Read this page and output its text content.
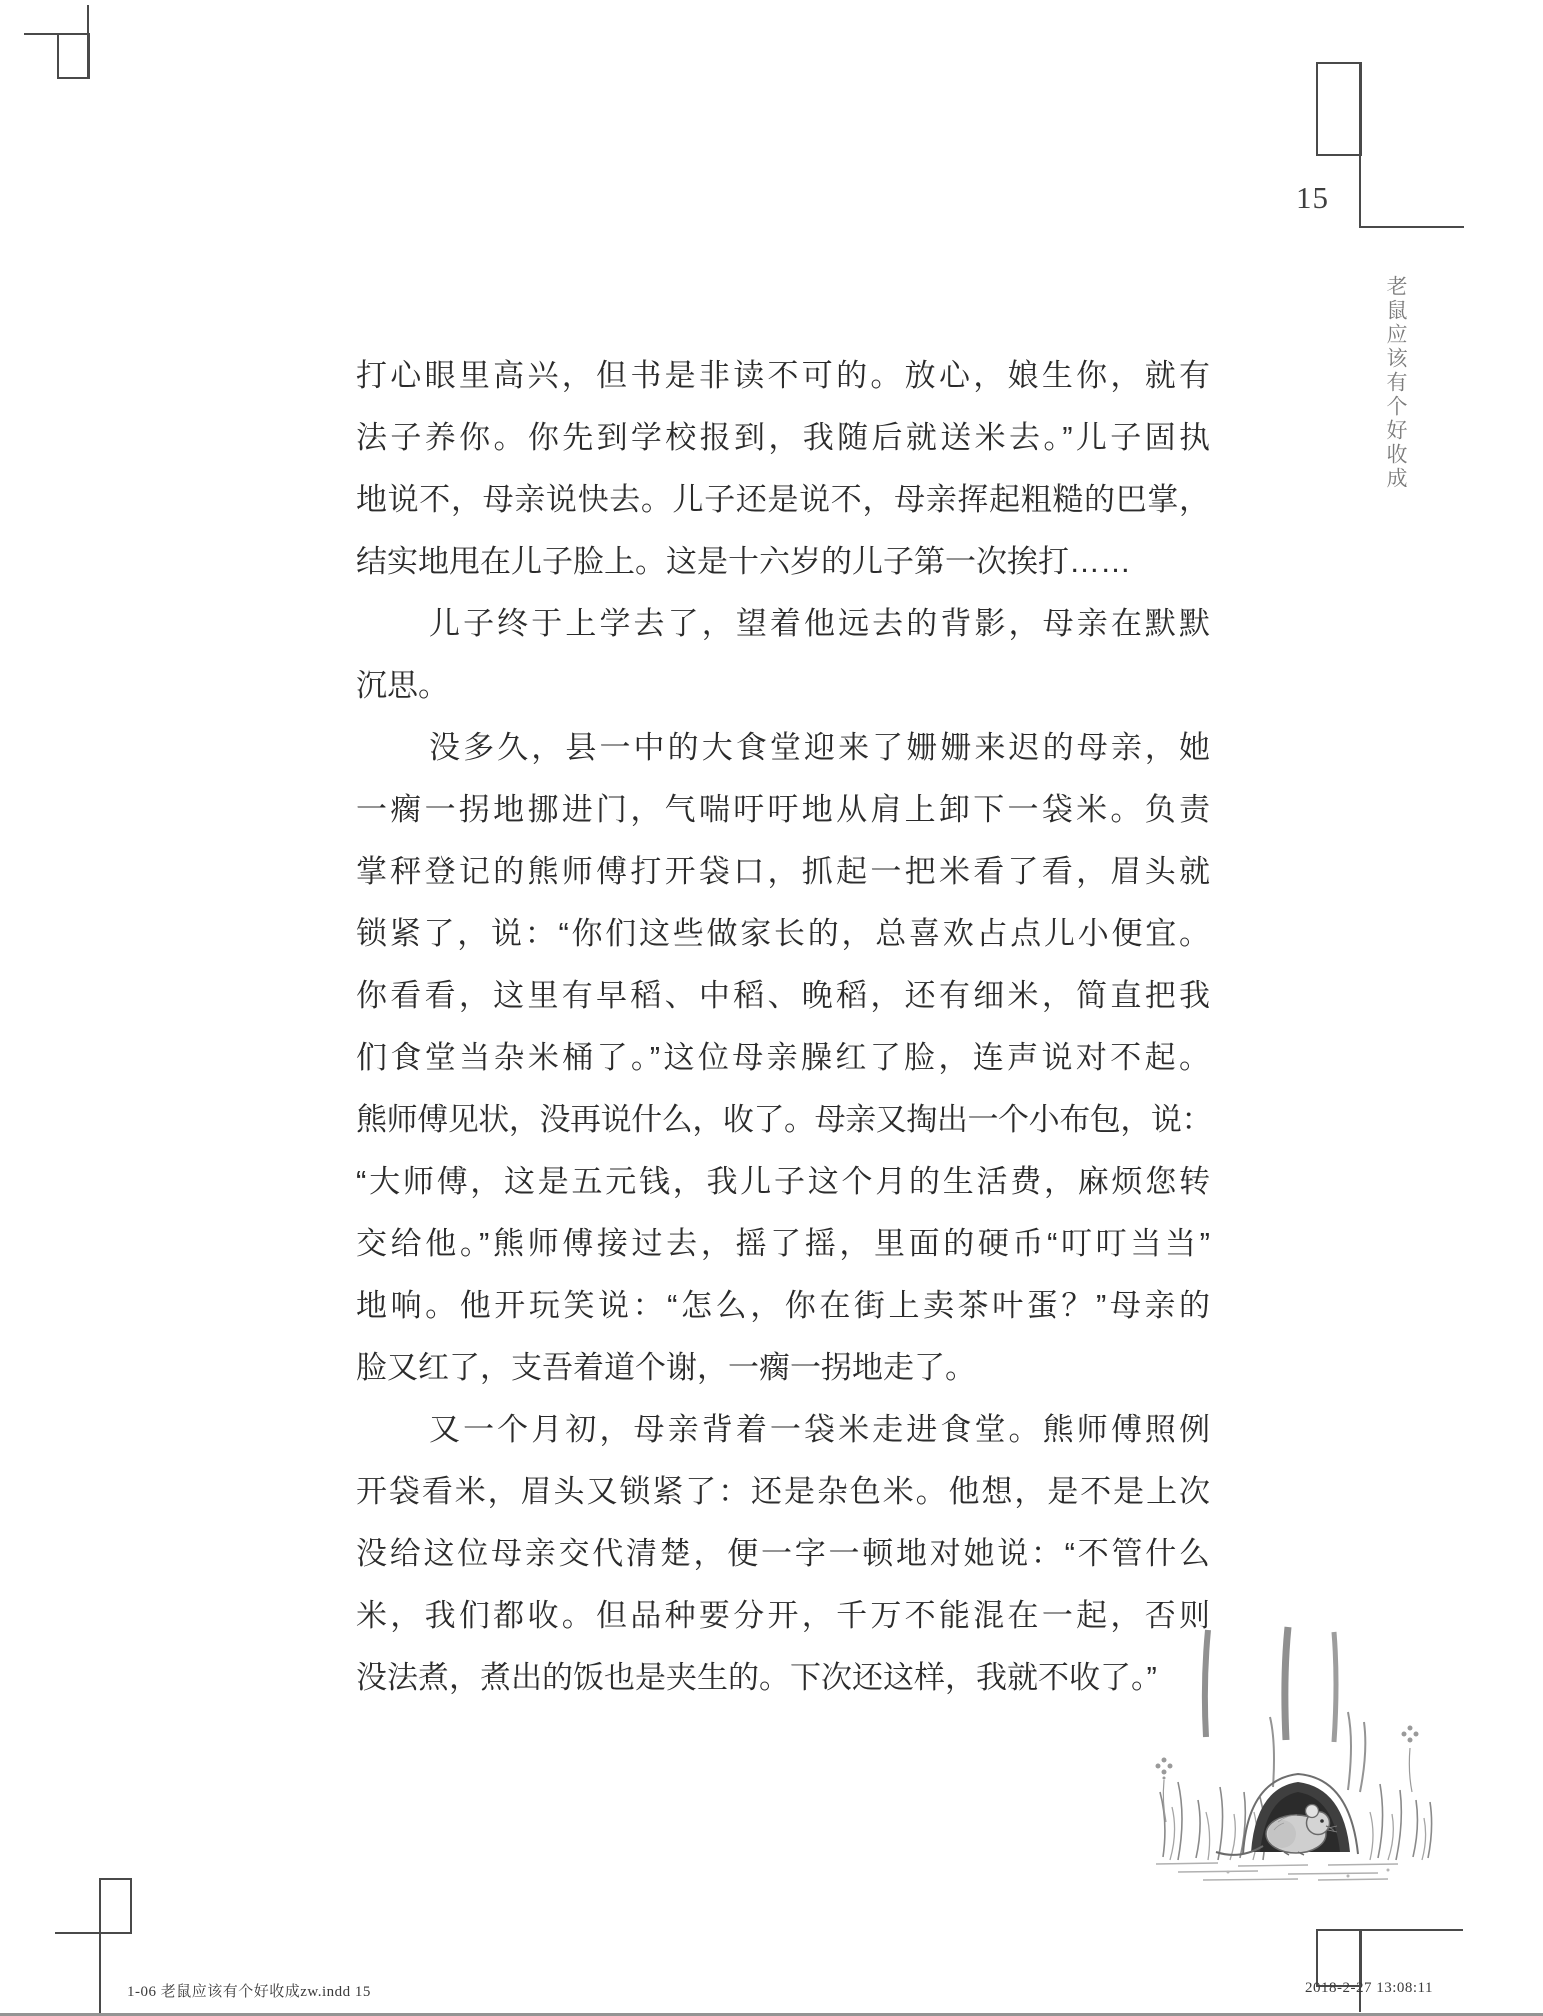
15
老鼠应该有个好收成
打心眼里高兴，但书是非读不可的。放心，娘生你，就有
法子养你。你先到学校报到，我随后就送米去。”儿子固执
地说不，母亲说快去。儿子还是说不，母亲挥起粗糙的巴掌，
结实地甩在儿子脸上。这是十六岁的儿子第一次挨打……
儿子终于上学去了，望着他远去的背影，母亲在默默
沉思。
没多久，县一中的大食堂迎来了姗姗来迟的母亲，她
一瘸一拐地挪进门，气喘吁吁地从肩上卸下一袋米。负责
掌秤登记的熊师傅打开袋口，抓起一把米看了看，眉头就
锁紧了，说：“你们这些做家长的，总喜欢占点儿小便宜。
你看看，这里有早稻、中稻、晚稻，还有细米，简直把我
们食堂当杂米桶了。”这位母亲臊红了脸，连声说对不起。
熊师傅见状，没再说什么，收了。母亲又掏出一个小布包，说：
“大师傅，这是五元钱，我儿子这个月的生活费，麻烦您转
交给他。”熊师傅接过去，摇了摇，里面的硬币“叮叮当当”
地响。他开玩笑说：“怎么，你在街上卖茶叶蛋？”母亲的
脸又红了，支吾着道个谢，一瘸一拐地走了。
又一个月初，母亲背着一袋米走进食堂。熊师傅照例
开袋看米，眉头又锁紧了：还是杂色米。他想，是不是上次
没给这位母亲交代清楚，便一字一顿地对她说：“不管什么
米，我们都收。但品种要分开，千万不能混在一起，否则
没法煮，煮出的饭也是夹生的。下次还这样，我就不收了。”
1-06 老鼠应该有个好收成zw.indd 15	2018-2-27 13:08:11
